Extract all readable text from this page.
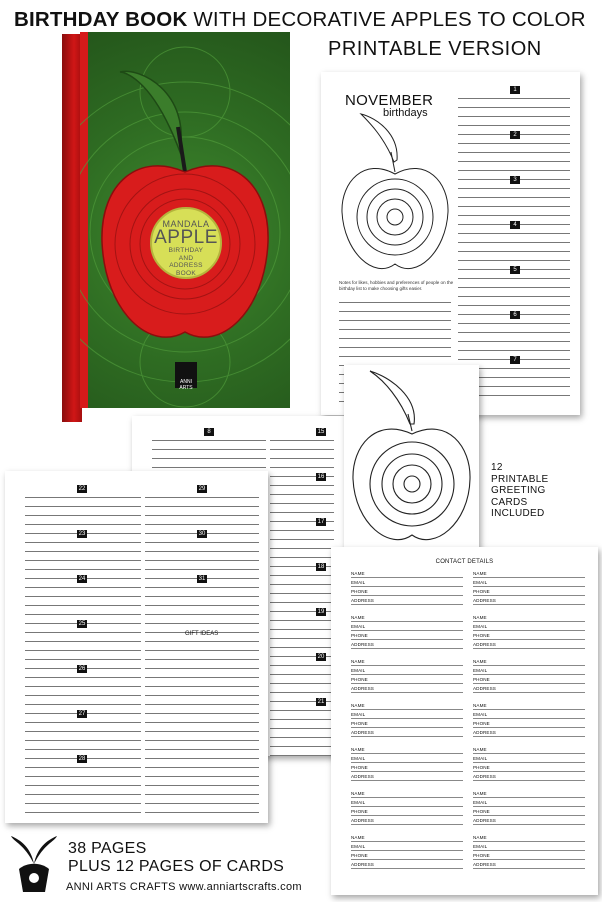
BIRTHDAY BOOK WITH DECORATIVE APPLES TO COLOR
PRINTABLE VERSION
MANDALA
APPLE
BIRTHDAY
AND
ADDRESS
BOOK
ANNI ARTS
NOVEMBER
birthdays
Notes for likes, hobbies and preferences of people on the birthday list to make choosing gifts easier.
1
2
3
4
5
6
7
8	15
16
17
18
19
20
21
12
PRINTABLE
GREETING
CARDS
INCLUDED
22
23
24
25
26
27
28
29
30
31
GIFT IDEAS
CONTACT DETAILS
NAME
EMAIL
PHONE
ADDRESS
NAME
EMAIL
PHONE
ADDRESS
NAME
EMAIL
PHONE
ADDRESS
NAME
EMAIL
PHONE
ADDRESS
NAME
EMAIL
PHONE
ADDRESS
NAME
EMAIL
PHONE
ADDRESS
NAME
EMAIL
PHONE
ADDRESS
NAME
EMAIL
PHONE
ADDRESS
NAME
EMAIL
PHONE
ADDRESS
NAME
EMAIL
PHONE
ADDRESS
NAME
EMAIL
PHONE
ADDRESS
NAME
EMAIL
PHONE
ADDRESS
NAME
EMAIL
PHONE
ADDRESS
NAME
EMAIL
PHONE
ADDRESS
38 PAGES
PLUS 12 PAGES OF CARDS
ANNI ARTS CRAFTS www.anniartscrafts.com
